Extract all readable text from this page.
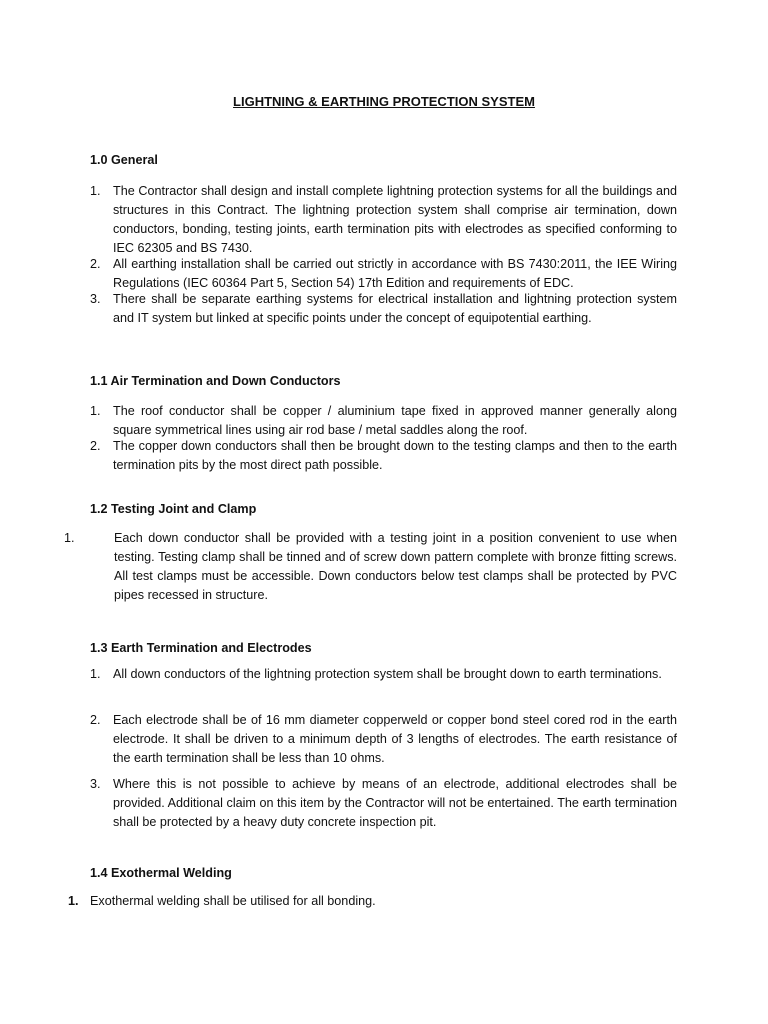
LIGHTNING & EARTHING PROTECTION SYSTEM
1.0 General
1. The Contractor shall design and install complete lightning protection systems for all the buildings and structures in this Contract. The lightning protection system shall comprise air termination, down conductors, bonding, testing joints, earth termination pits with electrodes as specified conforming to IEC 62305 and BS 7430.
2. All earthing installation shall be carried out strictly in accordance with BS 7430:2011, the IEE Wiring Regulations (IEC 60364 Part 5, Section 54) 17th Edition and requirements of EDC.
3. There shall be separate earthing systems for electrical installation and lightning protection system and IT system but linked at specific points under the concept of equipotential earthing.
1.1 Air Termination and Down Conductors
1. The roof conductor shall be copper / aluminium tape fixed in approved manner generally along square symmetrical lines using air rod base / metal saddles along the roof.
2. The copper down conductors shall then be brought down to the testing clamps and then to the earth termination pits by the most direct path possible.
1.2 Testing Joint and Clamp
1.	Each down conductor shall be provided with a testing joint in a position convenient to use when testing. Testing clamp shall be tinned and of screw down pattern complete with bronze fitting screws. All test clamps must be accessible. Down conductors below test clamps shall be protected by PVC pipes recessed in structure.
1.3 Earth Termination and Electrodes
1. All down conductors of the lightning protection system shall be brought down to earth terminations.
2. Each electrode shall be of 16 mm diameter copperweld or copper bond steel cored rod in the earth electrode. It shall be driven to a minimum depth of 3 lengths of electrodes. The earth resistance of the earth termination shall be less than 10 ohms.
3. Where this is not possible to achieve by means of an electrode, additional electrodes shall be provided. Additional claim on this item by the Contractor will not be entertained. The earth termination shall be protected by a heavy duty concrete inspection pit.
1.4 Exothermal Welding
1. Exothermal welding shall be utilised for all bonding.
